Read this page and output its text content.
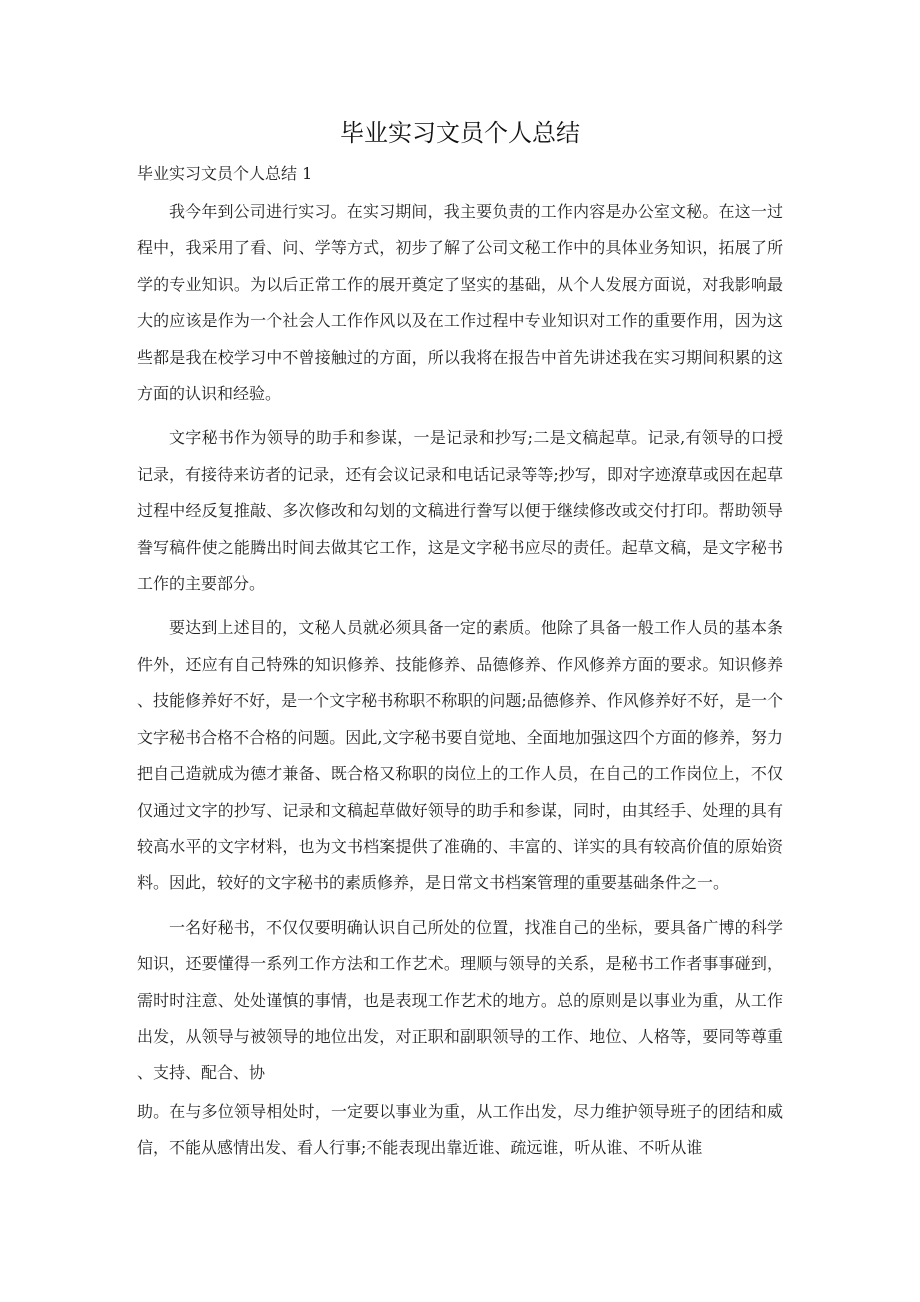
毕业实习文员个人总结

毕业实习文员个人总结 1

我今年到公司进行实习。在实习期间，我主要负责的工作内容是办公室文秘。在这一过程中，我采用了看、问、学等方式，初步了解了公司文秘工作中的具体业务知识，拓展了所学的专业知识。为以后正常工作的展开奠定了坚实的基础，从个人发展方面说，对我影响最大的应该是作为一个社会人工作作风以及在工作过程中专业知识对工作的重要作用，因为这些都是我在校学习中不曾接触过的方面，所以我将在报告中首先讲述我在实习期间积累的这方面的认识和经验。

文字秘书作为领导的助手和参谋，一是记录和抄写;二是文稿起草。记录,有领导的口授记录，有接待来访者的记录，还有会议记录和电话记录等等;抄写，即对字迹潦草或因在起草过程中经反复推敲、多次修改和勾划的文稿进行誊写以便于继续修改或交付打印。帮助领导誊写稿件使之能腾出时间去做其它工作，这是文字秘书应尽的责任。起草文稿，是文字秘书工作的主要部分。

要达到上述目的，文秘人员就必须具备一定的素质。他除了具备一般工作人员的基本条件外，还应有自己特殊的知识修养、技能修养、品德修养、作风修养方面的要求。知识修养、技能修养好不好，是一个文字秘书称职不称职的问题;品德修养、作风修养好不好，是一个文字秘书合格不合格的问题。因此,文字秘书要自觉地、全面地加强这四个方面的修养，努力把自己造就成为德才兼备、既合格又称职的岗位上的工作人员，在自己的工作岗位上，不仅仅通过文字的抄写、记录和文稿起草做好领导的助手和参谋，同时，由其经手、处理的具有较高水平的文字材料，也为文书档案提供了准确的、丰富的、详实的具有较高价值的原始资料。因此，较好的文字秘书的素质修养，是日常文书档案管理的重要基础条件之一。

一名好秘书，不仅仅要明确认识自己所处的位置，找准自己的坐标，要具备广博的科学知识，还要懂得一系列工作方法和工作艺术。理顺与领导的关系，是秘书工作者事事碰到，需时时注意、处处谨慎的事情，也是表现工作艺术的地方。总的原则是以事业为重，从工作出发，从领导与被领导的地位出发，对正职和副职领导的工作、地位、人格等，要同等尊重、支持、配合、协

助。在与多位领导相处时，一定要以事业为重，从工作出发，尽力维护领导班子的团结和威信，不能从感情出发、看人行事;不能表现出靠近谁、疏远谁，听从谁、不听从谁
